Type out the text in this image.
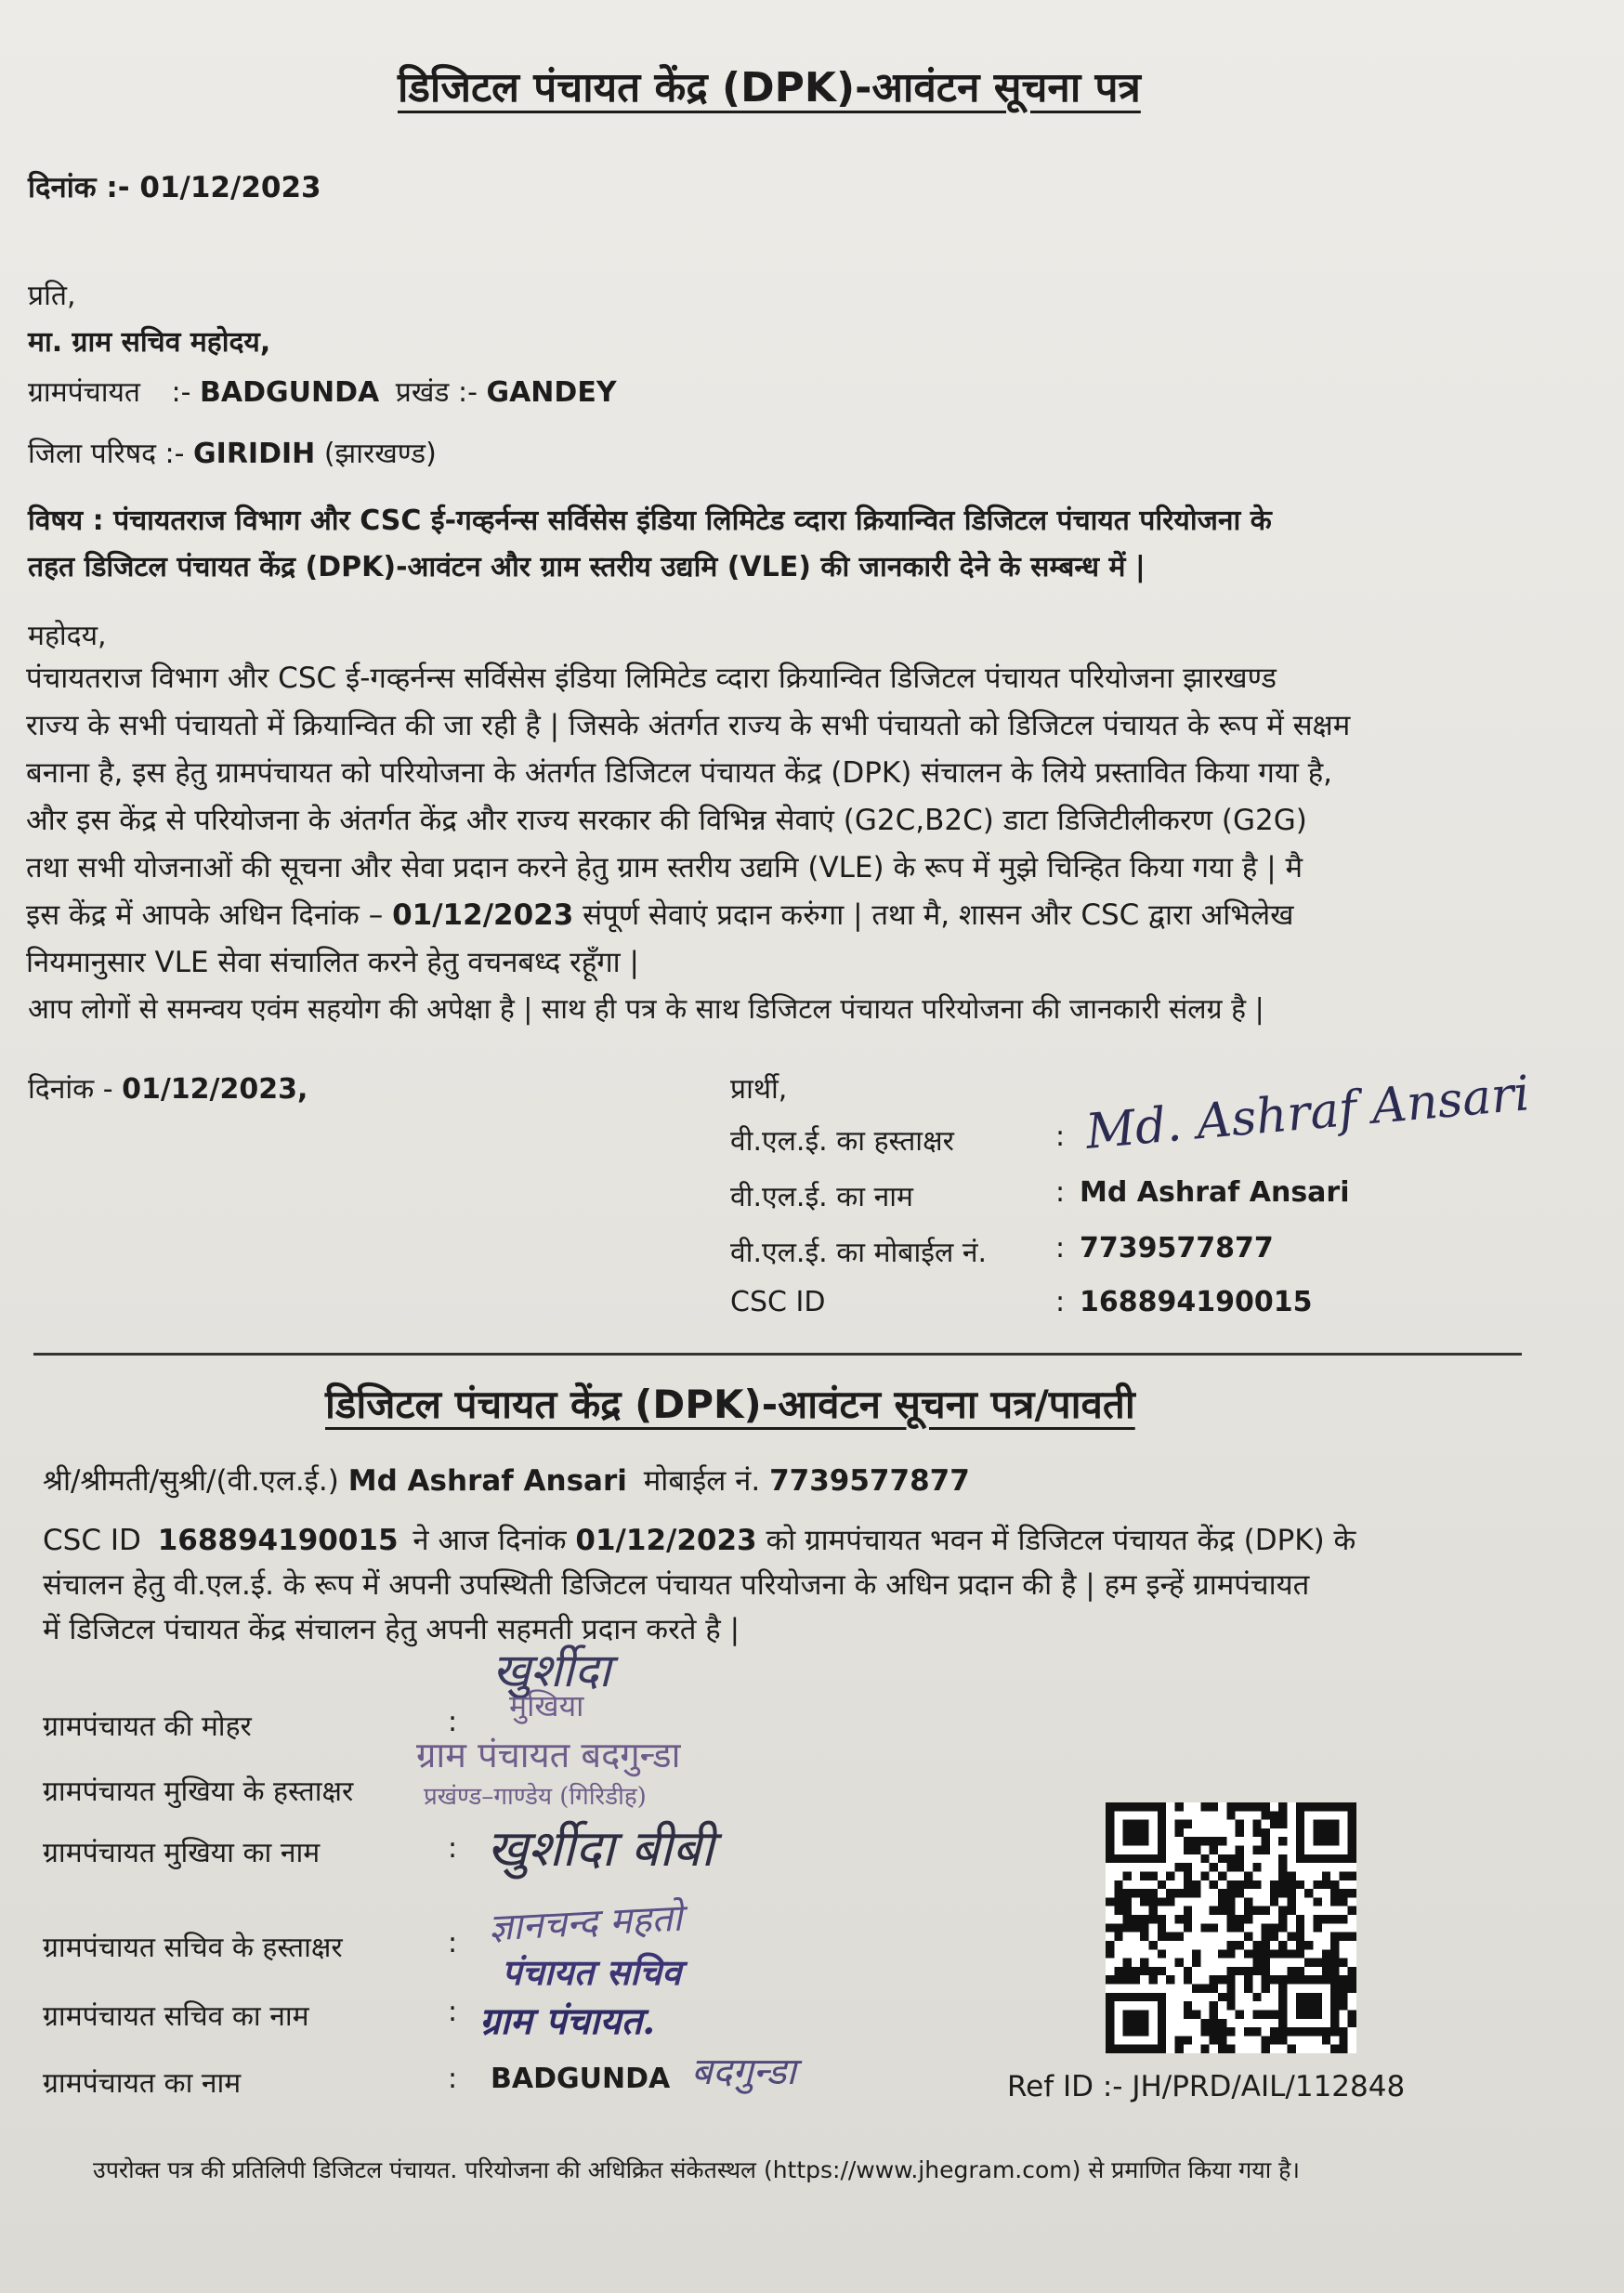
डिजिटल पंचायत केंद्र (DPK)-आवंटन सूचना पत्र
दिनांक :- 01/12/2023
प्रति,
मा. ग्राम सचिव महोदय,
ग्रामपंचायत :- BADGUNDA प्रखंड :- GANDEY
जिला परिषद :- GIRIDIH (झारखण्ड)
विषय : पंचायतराज विभाग और CSC ई-गव्हर्नन्स सर्विसेस इंडिया लिमिटेड व्दारा क्रियान्वित डिजिटल पंचायत परियोजना के
तहत डिजिटल पंचायत केंद्र (DPK)-आवंटन और ग्राम स्तरीय उद्यमि (VLE) की जानकारी देने के सम्बन्ध में |
महोदय,
पंचायतराज विभाग और CSC ई-गव्हर्नन्स सर्विसेस इंडिया लिमिटेड व्दारा क्रियान्वित डिजिटल पंचायत परियोजना झारखण्ड
राज्य के सभी पंचायतो में क्रियान्वित की जा रही है | जिसके अंतर्गत राज्य के सभी पंचायतो को डिजिटल पंचायत के रूप में सक्षम
बनाना है, इस हेतु ग्रामपंचायत को परियोजना के अंतर्गत डिजिटल पंचायत केंद्र (DPK) संचालन के लिये प्रस्तावित किया गया है,
और इस केंद्र से परियोजना के अंतर्गत केंद्र और राज्य सरकार की विभिन्न सेवाएं (G2C,B2C) डाटा डिजिटीलीकरण (G2G)
तथा सभी योजनाओं की सूचना और सेवा प्रदान करने हेतु ग्राम स्तरीय उद्यमि (VLE) के रूप में मुझे चिन्हित किया गया है | मै
इस केंद्र में आपके अधिन दिनांक – 01/12/2023 संपूर्ण सेवाएं प्रदान करुंगा | तथा मै, शासन और CSC द्वारा अभिलेख
नियमानुसार VLE सेवा संचालित करने हेतु वचनबध्द रहूँगा |
आप लोगों से समन्वय एवंम सहयोग की अपेक्षा है | साथ ही पत्र के साथ डिजिटल पंचायत परियोजना की जानकारी संलग्र है |
दिनांक - 01/12/2023,	प्रार्थी,
वी.एल.ई. का हस्ताक्षर	: Md. Ashraf Ansari
वी.एल.ई. का नाम	: Md Ashraf Ansari
वी.एल.ई. का मोबाईल नं. : 7739577877
CSC ID	: 168894190015
डिजिटल पंचायत केंद्र (DPK)-आवंटन सूचना पत्र/पावती
श्री/श्रीमती/सुश्री/(वी.एल.ई.) Md Ashraf Ansari मोबाईल नं. 7739577877
CSC ID 168894190015 ने आज दिनांक 01/12/2023 को ग्रामपंचायत भवन में डिजिटल पंचायत केंद्र (DPK) के
संचालन हेतु वी.एल.ई. के रूप में अपनी उपस्थिती डिजिटल पंचायत परियोजना के अधिन प्रदान की है | हम इन्हें ग्रामपंचायत
में डिजिटल पंचायत केंद्र संचालन हेतु अपनी सहमती प्रदान करते है |
खुर्शीदा
मुखिया
ग्राम पंचायत बदगुन्डा
प्रखंण्ड–गाण्डेय (गिरिडीह)
ग्रामपंचायत की मोहर	:
ग्रामपंचायत मुखिया के हस्ताक्षर
ग्रामपंचायत मुखिया का नाम	: खुर्शीदा बीबी
ग्रामपंचायत सचिव के हस्ताक्षर	: ज्ञानचन्द महतो
पंचायत सचिव
ग्रामपंचायत सचिव का नाम	: ग्राम पंचायत.
ग्रामपंचायत का नाम	: BADGUNDA बदगुन्डा	Ref ID :- JH/PRD/AIL/112848
उपरोक्त पत्र की प्रतिलिपी डिजिटल पंचायत. परियोजना की अधिक्रित संकेतस्थल (https://www.jhegram.com) से प्रमाणित किया गया है।
